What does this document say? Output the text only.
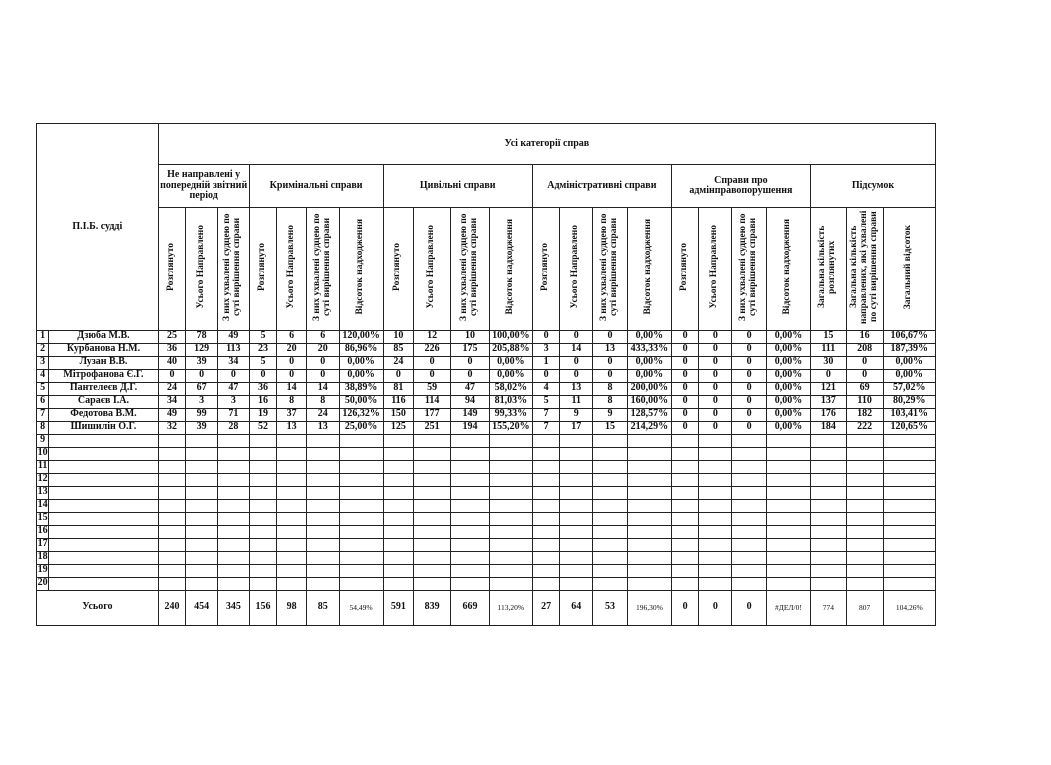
П.І.Б. судді		Усі категорії справ																					
		Не направлені у попередній звітний період			Кримінальні справи				Цивільні справи				Адміністративні справи				Справи про адмінправопорушення				Підсумок		
		Розглянуто	Усього Направлено	З них ухвалені судцею по суті вирішення справи	Розглянуто	Усього Направлено	З них ухвалені судцею по суті вирішення справи	Відсоток надходження	Розглянуто	Усього Направлено	З них ухвалені судцею по суті вирішення справи	Відсоток надходження	Розглянуто	Усього Направлено	З них ухвалені судцею по суті вирішення справи	Відсоток надходження	Розглянуто	Усього Направлено	З них ухвалені судцею по суті вирішення справи	Відсоток надходження	Загальна кількість розглянутих	Загальна кількість направлених, які ухвалені по суті вирішення справи	Загальний відсоток
1	Дзюба М.В.	25	78	49	5	6	6	120,00%	10	12	10	100,00%	0	0	0	0,00%	0	0	0	0,00%	15	16	106,67%
2	Курбанова Н.М.	36	129	113	23	20	20	86,96%	85	226	175	205,88%	3	14	13	433,33%	0	0	0	0,00%	111	208	187,39%
3	Лузан В.В.	40	39	34	5	0	0	0,00%	24	0	0	0,00%	1	0	0	0,00%	0	0	0	0,00%	30	0	0,00%
4	Мітрофанова Є.Г.	0	0	0	0	0	0	0,00%	0	0	0	0,00%	0	0	0	0,00%	0	0	0	0,00%	0	0	0,00%
5	Пантелеєв Д.Г.	24	67	47	36	14	14	38,89%	81	59	47	58,02%	4	13	8	200,00%	0	0	0	0,00%	121	69	57,02%
6	Сараєв І.А.	34	3	3	16	8	8	50,00%	116	114	94	81,03%	5	11	8	160,00%	0	0	0	0,00%	137	110	80,29%
7	Федотова В.М.	49	99	71	19	37	24	126,32%	150	177	149	99,33%	7	9	9	128,57%	0	0	0	0,00%	176	182	103,41%
8	Шишилін О.Г.	32	39	28	52	13	13	25,00%	125	251	194	155,20%	7	17	15	214,29%	0	0	0	0,00%	184	222	120,65%
9																							
10																							
11																							
12																							
13																							
14																							
15																							
16																							
17																							
18																							
19																							
20																							
Усього		240	454	345	156	98	85	54,49%	591	839	669	113,20%	27	64	53	196,30%	0	0	0	#ДЕЛ/0!	774	807	104,26%
